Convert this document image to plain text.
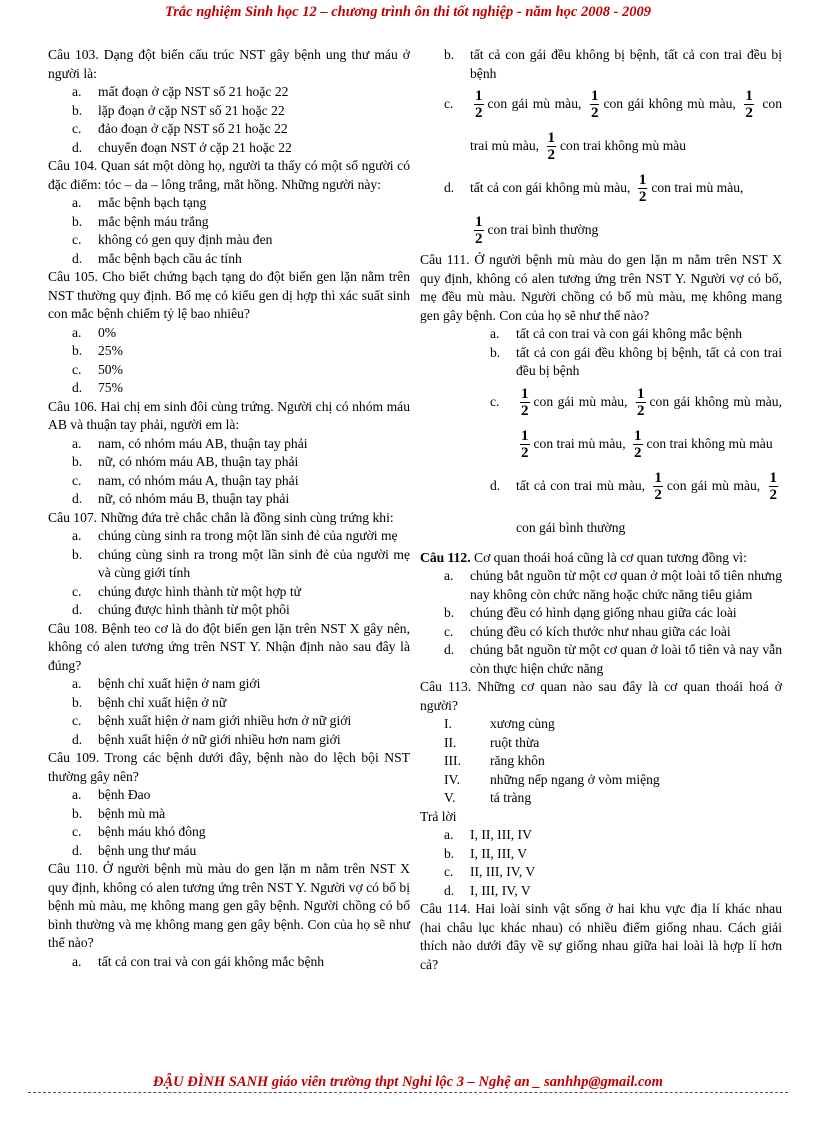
Trắc nghiệm Sinh học 12 – chương trình ôn thi tốt nghiệp - năm học 2008 - 2009

Câu 103. Dạng đột biến cấu trúc NST gây bệnh ung thư máu ở người là:

a.	mất đoạn ở cặp NST số 21 hoặc 22
b.	lặp đoạn ở cặp NST số 21 hoặc 22
c.	đảo đoạn ở cặp NST số 21 hoặc 22
d.	chuyển đoạn NST ở cặp 21 hoặc 22

Câu 104. Quan sát một dòng họ, người ta thấy có một số người có đặc điểm: tóc – da – lông trắng, mắt hồng. Những người này:

a.	mắc bệnh bạch tạng
b.	mắc bệnh máu trắng
c.	không có gen quy định màu đen
d.	mắc bệnh bạch cầu ác tính

Câu 105. Cho biết chứng bạch tạng do đột biến gen lặn nằm trên NST thường quy định. Bố mẹ có kiểu gen dị hợp thì xác suất sinh con mắc bệnh chiếm tỷ lệ bao nhiêu?

a.	0%
b.	25%
c.	50%
d.	75%

Câu 106. Hai chị em sinh đôi cùng trứng. Người chị có nhóm máu AB và thuận tay phải, người em là:

a.	nam, có nhóm máu AB, thuận tay phải
b.	nữ, có nhóm máu AB, thuận tay phải
c.	nam, có nhóm máu A, thuận tay phải
d.	nữ, có nhóm máu B, thuận tay phải

Câu 107. Những đứa trẻ chắc chắn là đồng sinh cùng trứng khi:

a.	chúng cùng sinh ra trong một lần sinh đẻ của người mẹ
b.	chúng cùng sinh ra trong một lần sinh đẻ của người mẹ và cùng giới tính
c.	chúng được hình thành từ một hợp tử
d.	chúng được hình thành từ một phôi

Câu 108. Bệnh teo cơ là do đột biến gen lặn trên NST X gây nên, không có alen tương ứng trên NST Y. Nhận định nào sau đây là đúng?

a.	bệnh chỉ xuất hiện ở nam giới
b.	bệnh chỉ xuất hiện ở nữ
c.	bệnh xuất hiện ở nam giới nhiều hơn ở nữ giới
d.	bệnh xuất hiện ở nữ giới nhiều hơn nam giới

Câu 109. Trong các bệnh dưới đây, bệnh nào do lệch bội NST thường gây nên?

a.	bệnh Đao
b.	bệnh mù mà
c.	bệnh máu khó đông
d.	bệnh ung thư máu

Câu 110. Ở người bệnh mù màu do gen lặn m nằm trên NST X quy định, không có alen tương ứng trên NST Y. Người vợ có bố bị bệnh mù màu, mẹ không mang gen gây bệnh. Người chồng có bố bình thường và mẹ không mang gen gây bệnh. Con của họ sẽ như thế nào?

a.	tất cả con trai và con gái không mắc bệnh
b.	tất cả con gái đều không bị bệnh, tất cả con trai đều bị bệnh
c.	$\frac{1}{2}$ con gái mù màu, $\frac{1}{2}$ con gái không mù màu, $\frac{1}{2}$ con trai mù màu, $\frac{1}{2}$ con trai không mù màu
d.	tất cả con gái không mù màu, $\frac{1}{2}$ con trai mù màu,

$\frac{1}{2}$ con trai bình thường

Câu 111. Ở người bệnh mù màu do gen lặn m nằm trên NST X quy định, không có alen tương ứng trên NST Y. Người vợ có bố, mẹ đều mù màu. Người chồng có bố mù màu, mẹ không mang gen gây bệnh. Con của họ sẽ như thế nào?

a.	tất cả con trai và con gái không mắc bệnh
b.	tất cả con gái đều không bị bệnh, tất cả con trai đều bị bệnh
c.	$\frac{1}{2}$ con gái mù màu, $\frac{1}{2}$ con gái không mù màu,
$\frac{1}{2}$ con trai mù màu, $\frac{1}{2}$ con trai không mù màu
d.	tất cả con trai mù màu, $\frac{1}{2}$ con gái mù màu, $\frac{1}{2}$
con gái bình thường

Câu 112. Cơ quan thoái hoá cũng là cơ quan tương đồng vì:

a.	chúng bắt nguồn từ một cơ quan ở một loài tổ tiên nhưng nay không còn chức năng hoặc chức năng tiêu giảm
b.	chúng đều có hình dạng giống nhau giữa các loài
c.	chúng đều có kích thước như nhau giữa các loài
d.	chúng bắt nguồn từ một cơ quan ở loài tổ tiên và nay vẫn còn thực hiện chức năng

Câu 113. Những cơ quan nào sau đây là cơ quan thoái hoá ở người?

I.	xương cùng
II.	ruột thừa
III.	răng khôn
IV.	những nếp ngang ở vòm miệng
V.	tá tràng

Trả lời

a.	I, II, III, IV
b.	I, II, III, V
c.	II, III, IV, V
d.	I, III, IV, V

Câu 114. Hai loài sinh vật sống ở hai khu vực địa lí khác nhau (hai châu lục khác nhau) có nhiều điểm giống nhau. Cách giải thích nào dưới đây về sự giống nhau giữa hai loài là hợp lí hơn cả?

ĐẬU ĐÌNH SANH giáo viên trường thpt Nghi lộc 3 – Nghệ an _ sanhhp@gmail.com
